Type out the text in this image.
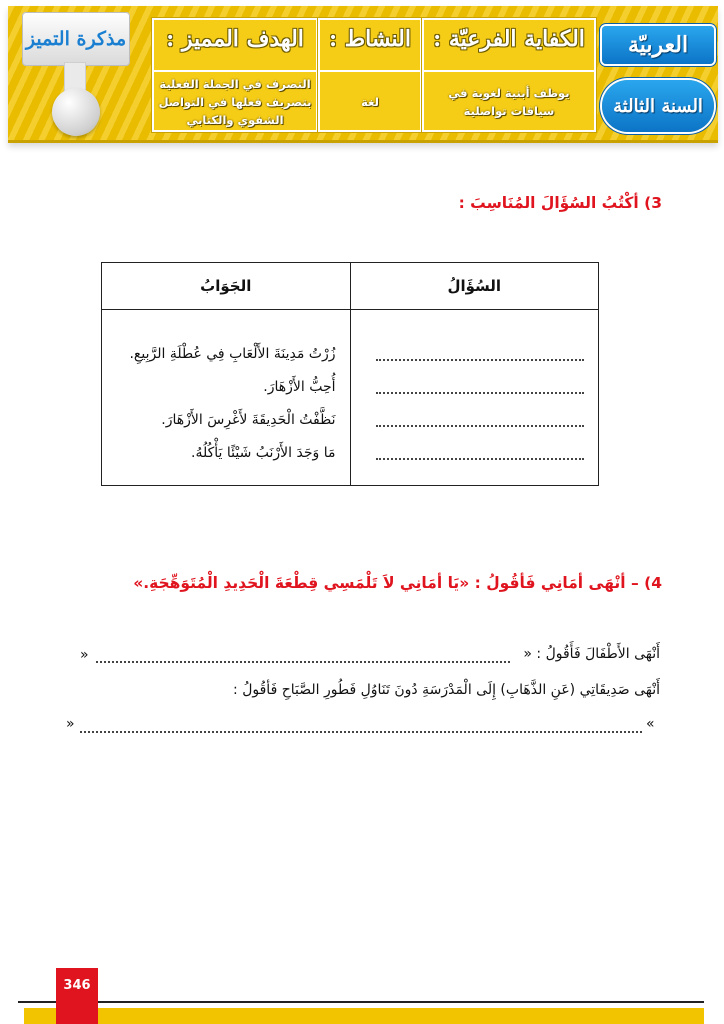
مذكرة التميز	الهدف المميز :
التصرف في الجملة الفعلية بتصريف فعلها في التواصل الشفوي والكتابي
النشاط :
لغة
الكفاية الفرعيّة :
يوظف أبنية لغوية في سياقات تواصلية
العربيّة
السنة الثالثة
3) أكْتُبُ السُؤَالَ المُنَاسِبَ :
السُؤَالُ	الجَوَابُ

	زُرْتُ مَدِينَةَ الأَلْعَابِ فِي عُطْلَةِ الرَّبِيعِ.
أُحِبُّ الأَزْهَارَ.
نَظَّفْتُ الْحَدِيقَةَ لأَغْرِسَ الأَزْهَارَ.
مَا وَجَدَ الأَرْنَبُ شَيْئًا يَأْكُلُهُ.
4) – أنْهَى أمَانِي فَأقُولُ : «يَا أمَانِي لاَ تَلْمَسِي قِطْعَةَ الْحَدِيدِ الْمُتَوَهِّجَةِ.»
أَنْهَى الأَطْفَالَ فَأَقُولُ : «
»
أَنْهَى صَدِيقَاتِي (عَنِ الذَّهَابِ) إِلَى الْمَدْرَسَةِ دُونَ تَنَاوُلِ فَطُورِ الصَّبَاحِ فَأقُولُ :
«
»
346
